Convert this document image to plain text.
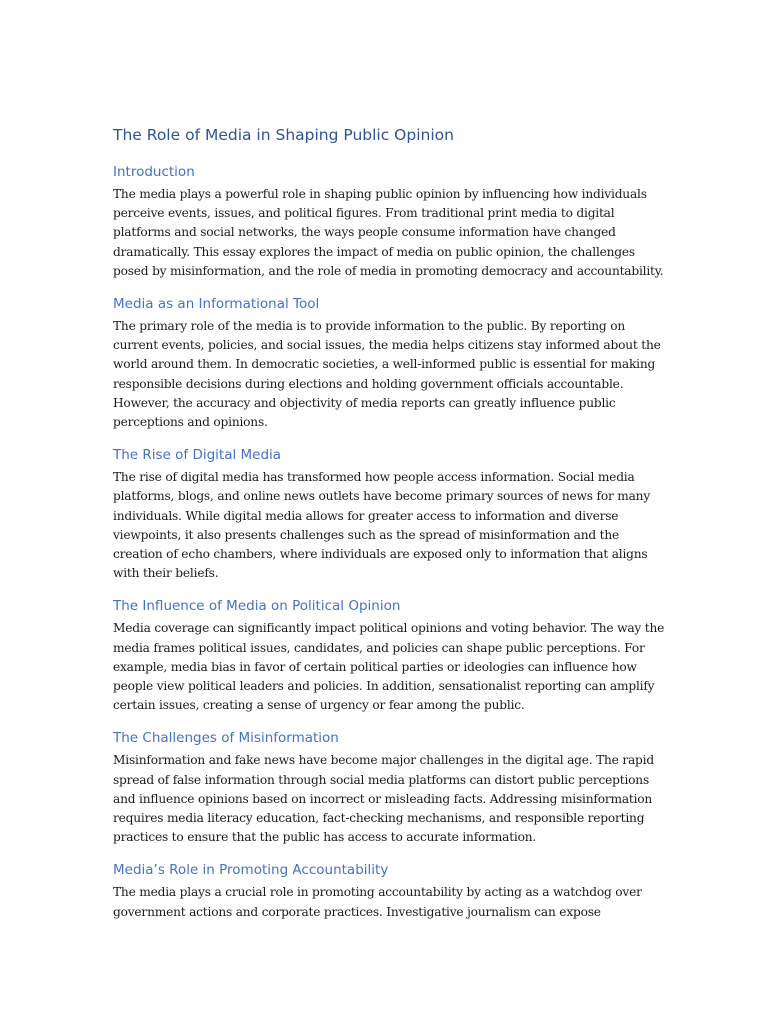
The Role of Media in Shaping Public Opinion
Introduction

The media plays a powerful role in shaping public opinion by influencing how individuals
perceive events, issues, and political figures. From traditional print media to digital
platforms and social networks, the ways people consume information have changed
dramatically. This essay explores the impact of media on public opinion, the challenges
posed by misinformation, and the role of media in promoting democracy and accountability.

Media as an Informational Tool

The primary role of the media is to provide information to the public. By reporting on
current events, policies, and social issues, the media helps citizens stay informed about the
world around them. In democratic societies, a well-informed public is essential for making
responsible decisions during elections and holding government officials accountable.
However, the accuracy and objectivity of media reports can greatly influence public
perceptions and opinions.

The Rise of Digital Media

The rise of digital media has transformed how people access information. Social media
platforms, blogs, and online news outlets have become primary sources of news for many
individuals. While digital media allows for greater access to information and diverse
viewpoints, it also presents challenges such as the spread of misinformation and the
creation of echo chambers, where individuals are exposed only to information that aligns
with their beliefs.

The Influence of Media on Political Opinion

Media coverage can significantly impact political opinions and voting behavior. The way the
media frames political issues, candidates, and policies can shape public perceptions. For
example, media bias in favor of certain political parties or ideologies can influence how
people view political leaders and policies. In addition, sensationalist reporting can amplify
certain issues, creating a sense of urgency or fear among the public.

The Challenges of Misinformation

Misinformation and fake news have become major challenges in the digital age. The rapid
spread of false information through social media platforms can distort public perceptions
and influence opinions based on incorrect or misleading facts. Addressing misinformation
requires media literacy education, fact-checking mechanisms, and responsible reporting
practices to ensure that the public has access to accurate information.

Media’s Role in Promoting Accountability

The media plays a crucial role in promoting accountability by acting as a watchdog over
government actions and corporate practices. Investigative journalism can expose
